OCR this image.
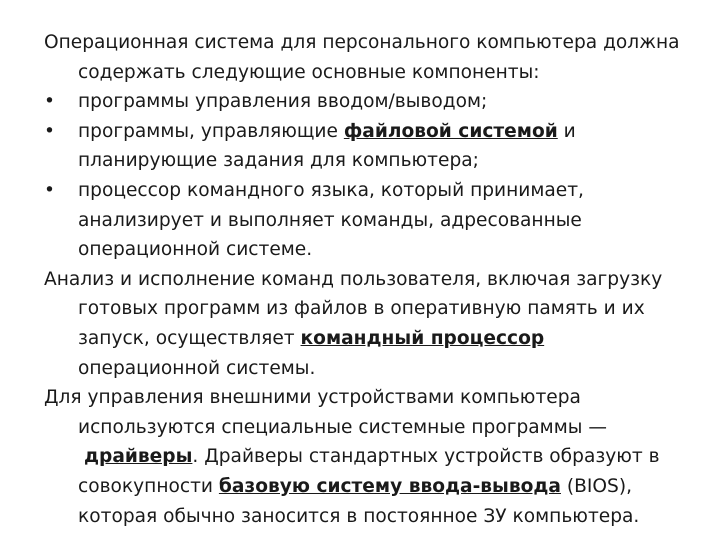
Операционная система для персонального компьютера должна содержать следующие основные компоненты:

•	программы управления вводом/выводом;
•	программы, управляющие файловой системой и планирующие задания для компьютера;
•	процессор командного языка, который принимает, анализирует и выполняет команды, адресованные операционной системе.

Анализ и исполнение команд пользователя, включая загрузку готовых программ из файлов в оперативную память и их запуск, осуществляет командный процессор операционной системы.

Для управления внешними устройствами компьютера используются специальные системные программы — драйверы. Драйверы стандартных устройств образуют в совокупности базовую систему ввода-вывода (BIOS), которая обычно заносится в постоянное ЗУ компьютера.
